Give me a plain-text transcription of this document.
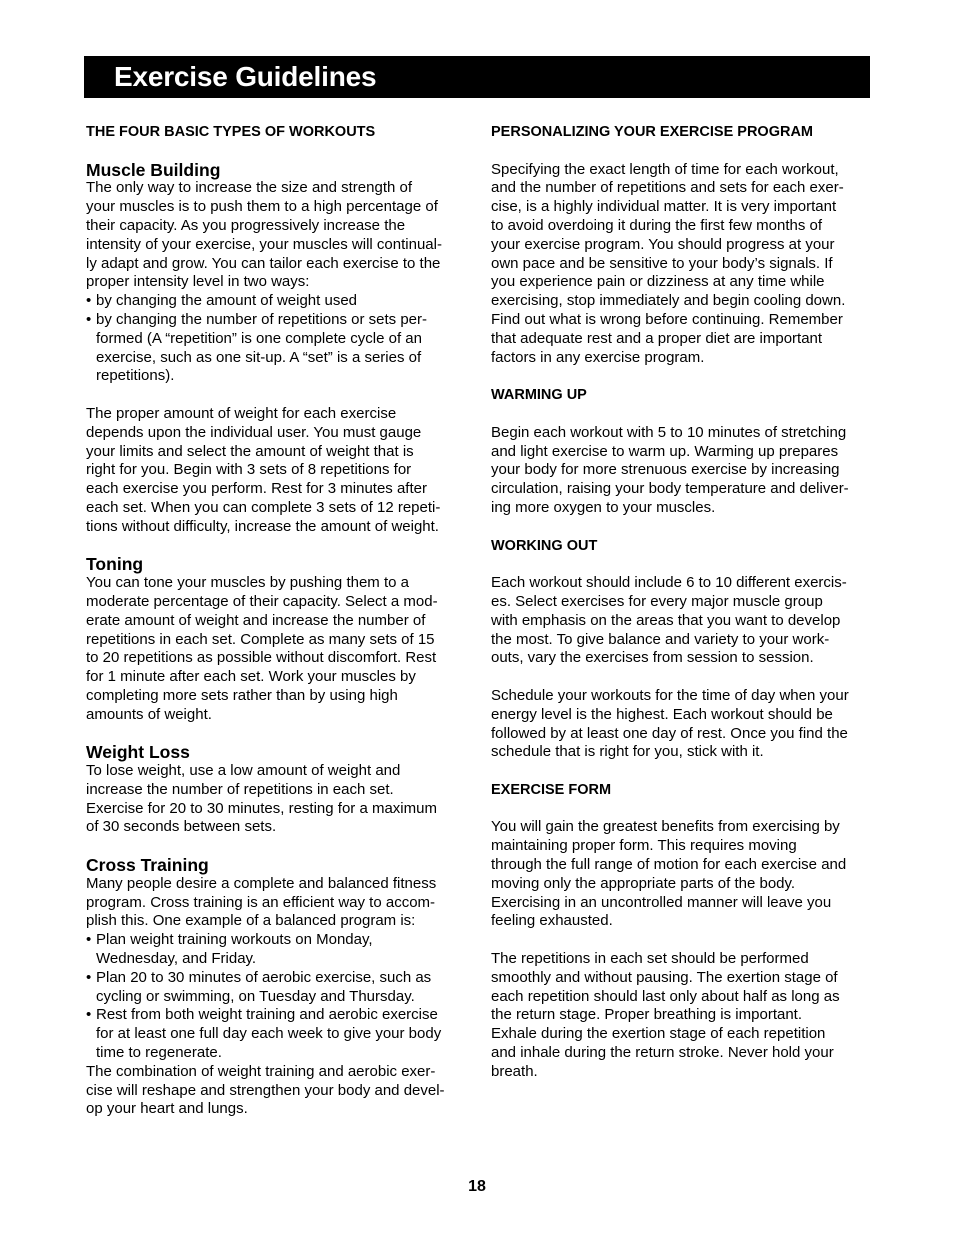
Exercise Guidelines
THE FOUR BASIC TYPES OF WORKOUTS
Muscle Building
The only way to increase the size and strength of
your muscles is to push them to a high percentage of
their capacity. As you progressively increase the
intensity of your exercise, your muscles will continual-
ly adapt and grow. You can tailor each exercise to the
proper intensity level in two ways:
• by changing the amount of weight used
• by changing the number of repetitions or sets per-
formed (A “repetition” is one complete cycle of an
exercise, such as one sit-up. A “set” is a series of
repetitions).
The proper amount of weight for each exercise
depends upon the individual user. You must gauge
your limits and select the amount of weight that is
right for you. Begin with 3 sets of 8 repetitions for
each exercise you perform. Rest for 3 minutes after
each set. When you can complete 3 sets of 12 repeti-
tions without difficulty, increase the amount of weight.
Toning
You can tone your muscles by pushing them to a
moderate percentage of their capacity. Select a mod-
erate amount of weight and increase the number of
repetitions in each set. Complete as many sets of 15
to 20 repetitions as possible without discomfort. Rest
for 1 minute after each set. Work your muscles by
completing more sets rather than by using high
amounts of weight.
Weight Loss
To lose weight, use a low amount of weight and
increase the number of repetitions in each set.
Exercise for 20 to 30 minutes, resting for a maximum
of 30 seconds between sets.
Cross Training
Many people desire a complete and balanced fitness
program. Cross training is an efficient way to accom-
plish this. One example of a balanced program is:
• Plan weight training workouts on Monday,
Wednesday, and Friday.
• Plan 20 to 30 minutes of aerobic exercise, such as
cycling or swimming, on Tuesday and Thursday.
• Rest from both weight training and aerobic exercise
for at least one full day each week to give your body
time to regenerate.
The combination of weight training and aerobic exer-
cise will reshape and strengthen your body and devel-
op your heart and lungs.
PERSONALIZING YOUR EXERCISE PROGRAM
Specifying the exact length of time for each workout,
and the number of repetitions and sets for each exer-
cise, is a highly individual matter. It is very important
to avoid overdoing it during the first few months of
your exercise program. You should progress at your
own pace and be sensitive to your body’s signals. If
you experience pain or dizziness at any time while
exercising, stop immediately and begin cooling down.
Find out what is wrong before continuing. Remember
that adequate rest and a proper diet are important
factors in any exercise program.
WARMING UP
Begin each workout with 5 to 10 minutes of stretching
and light exercise to warm up. Warming up prepares
your body for more strenuous exercise by increasing
circulation, raising your body temperature and deliver-
ing more oxygen to your muscles.
WORKING OUT
Each workout should include 6 to 10 different exercis-
es. Select exercises for every major muscle group
with emphasis on the areas that you want to develop
the most. To give balance and variety to your work-
outs, vary the exercises from session to session.
Schedule your workouts for the time of day when your
energy level is the highest. Each workout should be
followed by at least one day of rest. Once you find the
schedule that is right for you, stick with it.
EXERCISE FORM
You will gain the greatest benefits from exercising by
maintaining proper form. This requires moving
through the full range of motion for each exercise and
moving only the appropriate parts of the body.
Exercising in an uncontrolled manner will leave you
feeling exhausted.
The repetitions in each set should be performed
smoothly and without pausing. The exertion stage of
each repetition should last only about half as long as
the return stage. Proper breathing is important.
Exhale during the exertion stage of each repetition
and inhale during the return stroke. Never hold your
breath.
18
